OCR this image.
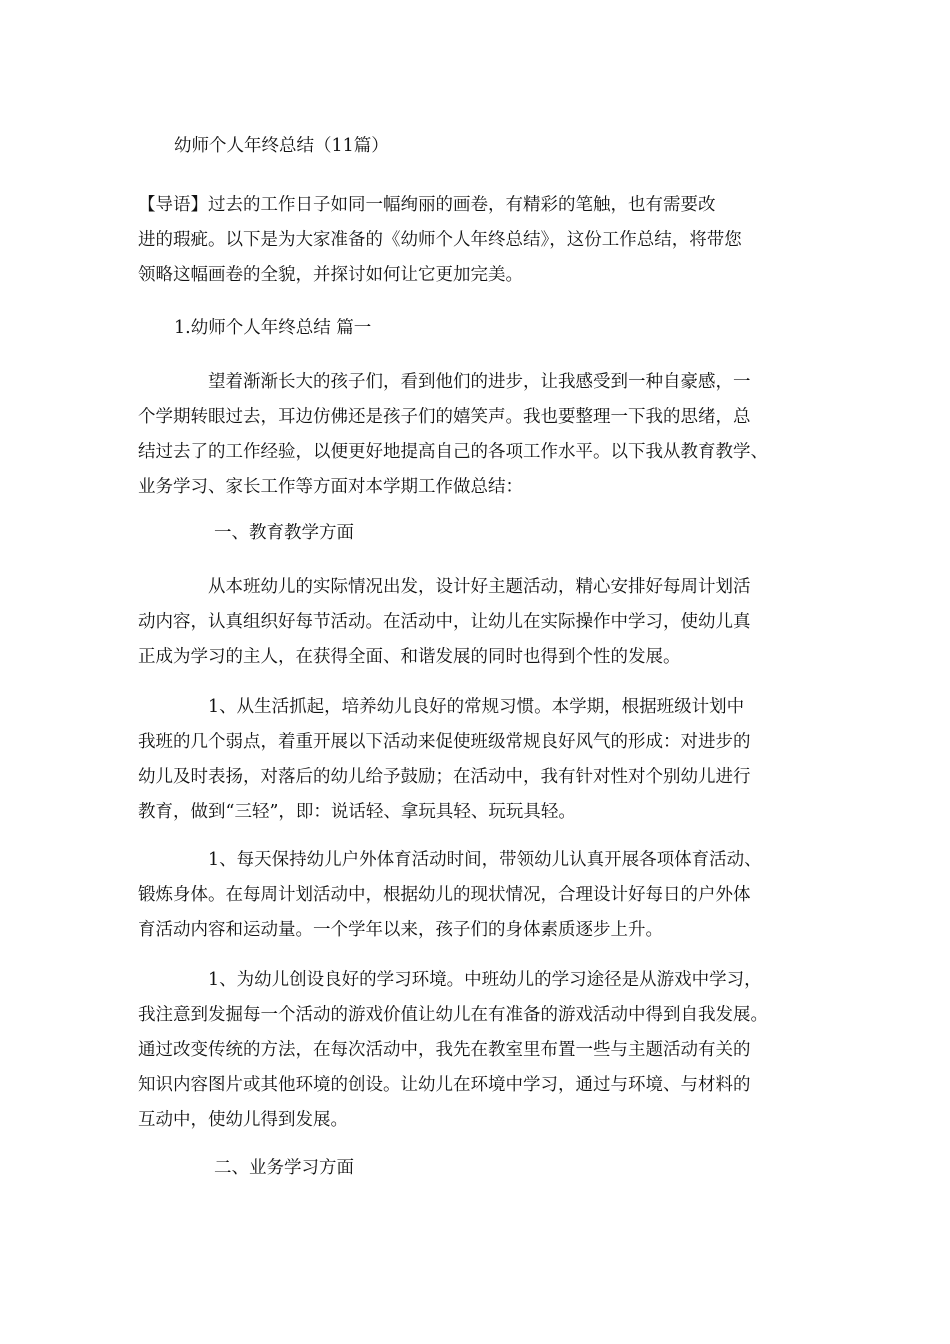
幼师个人年终总结（11篇）

【导语】过去的工作日子如同一幅绚丽的画卷，有精彩的笔触，也有需要改
进的瑕疵。以下是为大家准备的《幼师个人年终总结》，这份工作总结，将带您
领略这幅画卷的全貌，并探讨如何让它更加完美。

1.幼师个人年终总结 篇一

　　　　望着渐渐长大的孩子们，看到他们的进步，让我感受到一种自豪感，一
个学期转眼过去，耳边仿佛还是孩子们的嬉笑声。我也要整理一下我的思绪，总
结过去了的工作经验，以便更好地提高自己的各项工作水平。以下我从教育教学、
业务学习、家长工作等方面对本学期工作做总结：

一、教育教学方面

　　　　从本班幼儿的实际情况出发，设计好主题活动，精心安排好每周计划活
动内容，认真组织好每节活动。在活动中，让幼儿在实际操作中学习，使幼儿真
正成为学习的主人，在获得全面、和谐发展的同时也得到个性的发展。
　　　　1、从生活抓起，培养幼儿良好的常规习惯。本学期，根据班级计划中
我班的几个弱点，着重开展以下活动来促使班级常规良好风气的形成：对进步的
幼儿及时表扬，对落后的幼儿给予鼓励；在活动中，我有针对性对个别幼儿进行
教育，做到“三轻”，即：说话轻、拿玩具轻、玩玩具轻。
　　　　1、每天保持幼儿户外体育活动时间，带领幼儿认真开展各项体育活动、
锻炼身体。在每周计划活动中，根据幼儿的现状情况，合理设计好每日的户外体
育活动内容和运动量。一个学年以来，孩子们的身体素质逐步上升。
　　　　1、为幼儿创设良好的学习环境。中班幼儿的学习途径是从游戏中学习，
我注意到发掘每一个活动的游戏价值让幼儿在有准备的游戏活动中得到自我发展。
通过改变传统的方法，在每次活动中，我先在教室里布置一些与主题活动有关的
知识内容图片或其他环境的创设。让幼儿在环境中学习，通过与环境、与材料的
互动中，使幼儿得到发展。

二、业务学习方面
